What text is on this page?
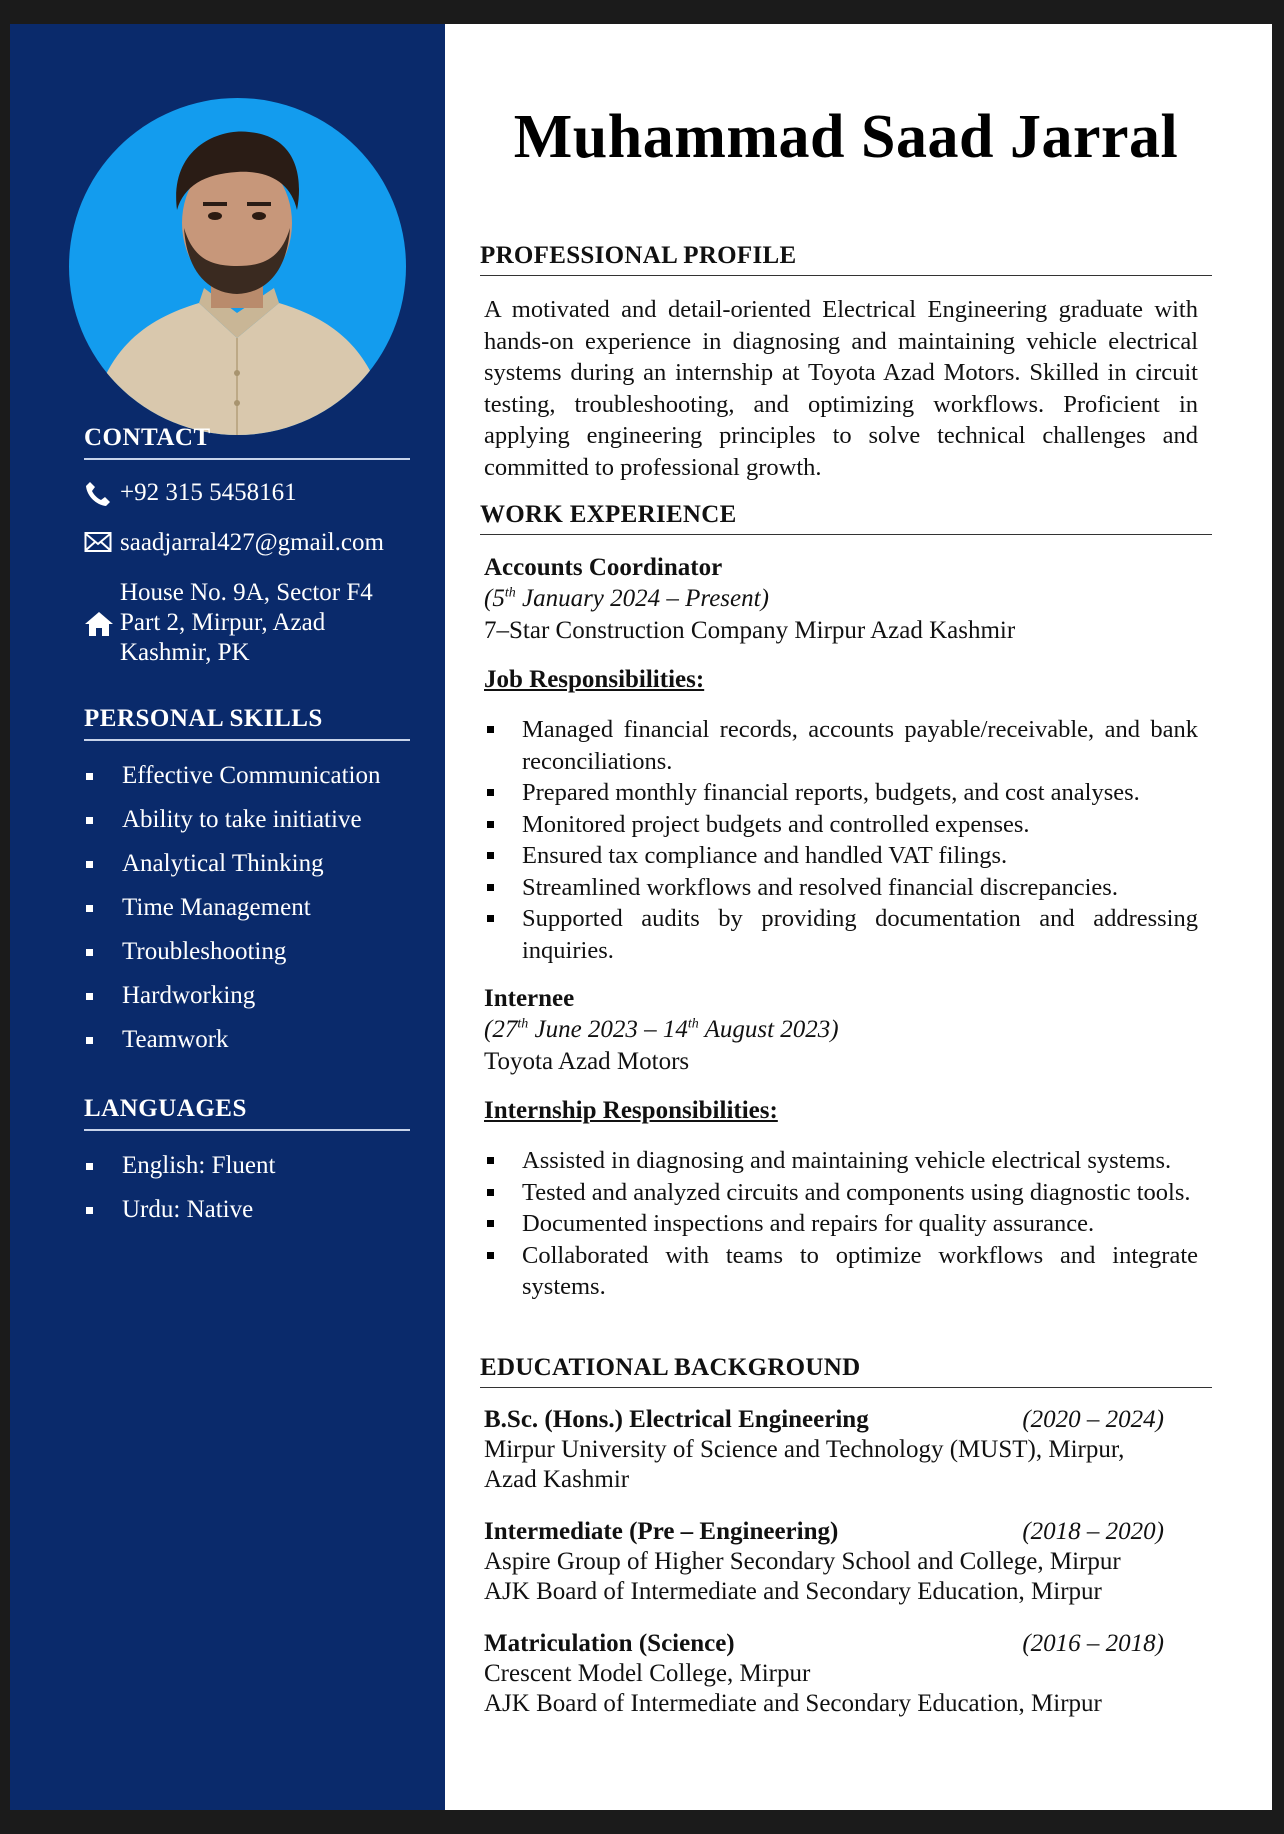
CONTACT
+92 315 5458161
saadjarral427@gmail.com
House No. 9A, Sector F4
Part 2, Mirpur, Azad
Kashmir, PK
PERSONAL SKILLS
Effective Communication
Ability to take initiative
Analytical Thinking
Time Management
Troubleshooting
Hardworking
Teamwork
LANGUAGES
English: Fluent
Urdu: Native
Muhammad Saad Jarral
PROFESSIONAL PROFILE
A motivated and detail-oriented Electrical Engineering graduate with hands-on experience in diagnosing and maintaining vehicle electrical systems during an internship at Toyota Azad Motors. Skilled in circuit testing, troubleshooting, and optimizing workflows. Proficient in applying engineering principles to solve technical challenges and committed to professional growth.
WORK EXPERIENCE
Accounts Coordinator
(5th January 2024 – Present)
7–Star Construction Company Mirpur Azad Kashmir
Job Responsibilities:
Managed financial records, accounts payable/receivable, and bank reconciliations.
Prepared monthly financial reports, budgets, and cost analyses.
Monitored project budgets and controlled expenses.
Ensured tax compliance and handled VAT filings.
Streamlined workflows and resolved financial discrepancies.
Supported audits by providing documentation and addressing inquiries.
Internee
(27th June 2023 – 14th August 2023)
Toyota Azad Motors
Internship Responsibilities:
Assisted in diagnosing and maintaining vehicle electrical systems.
Tested and analyzed circuits and components using diagnostic tools.
Documented inspections and repairs for quality assurance.
Collaborated with teams to optimize workflows and integrate systems.
EDUCATIONAL BACKGROUND
B.Sc. (Hons.) Electrical Engineering	(2020 – 2024)
Mirpur University of Science and Technology (MUST), Mirpur,
Azad Kashmir
Intermediate (Pre – Engineering)	(2018 – 2020)
Aspire Group of Higher Secondary School and College, Mirpur
AJK Board of Intermediate and Secondary Education, Mirpur
Matriculation (Science)	(2016 – 2018)
Crescent Model College, Mirpur
AJK Board of Intermediate and Secondary Education, Mirpur
